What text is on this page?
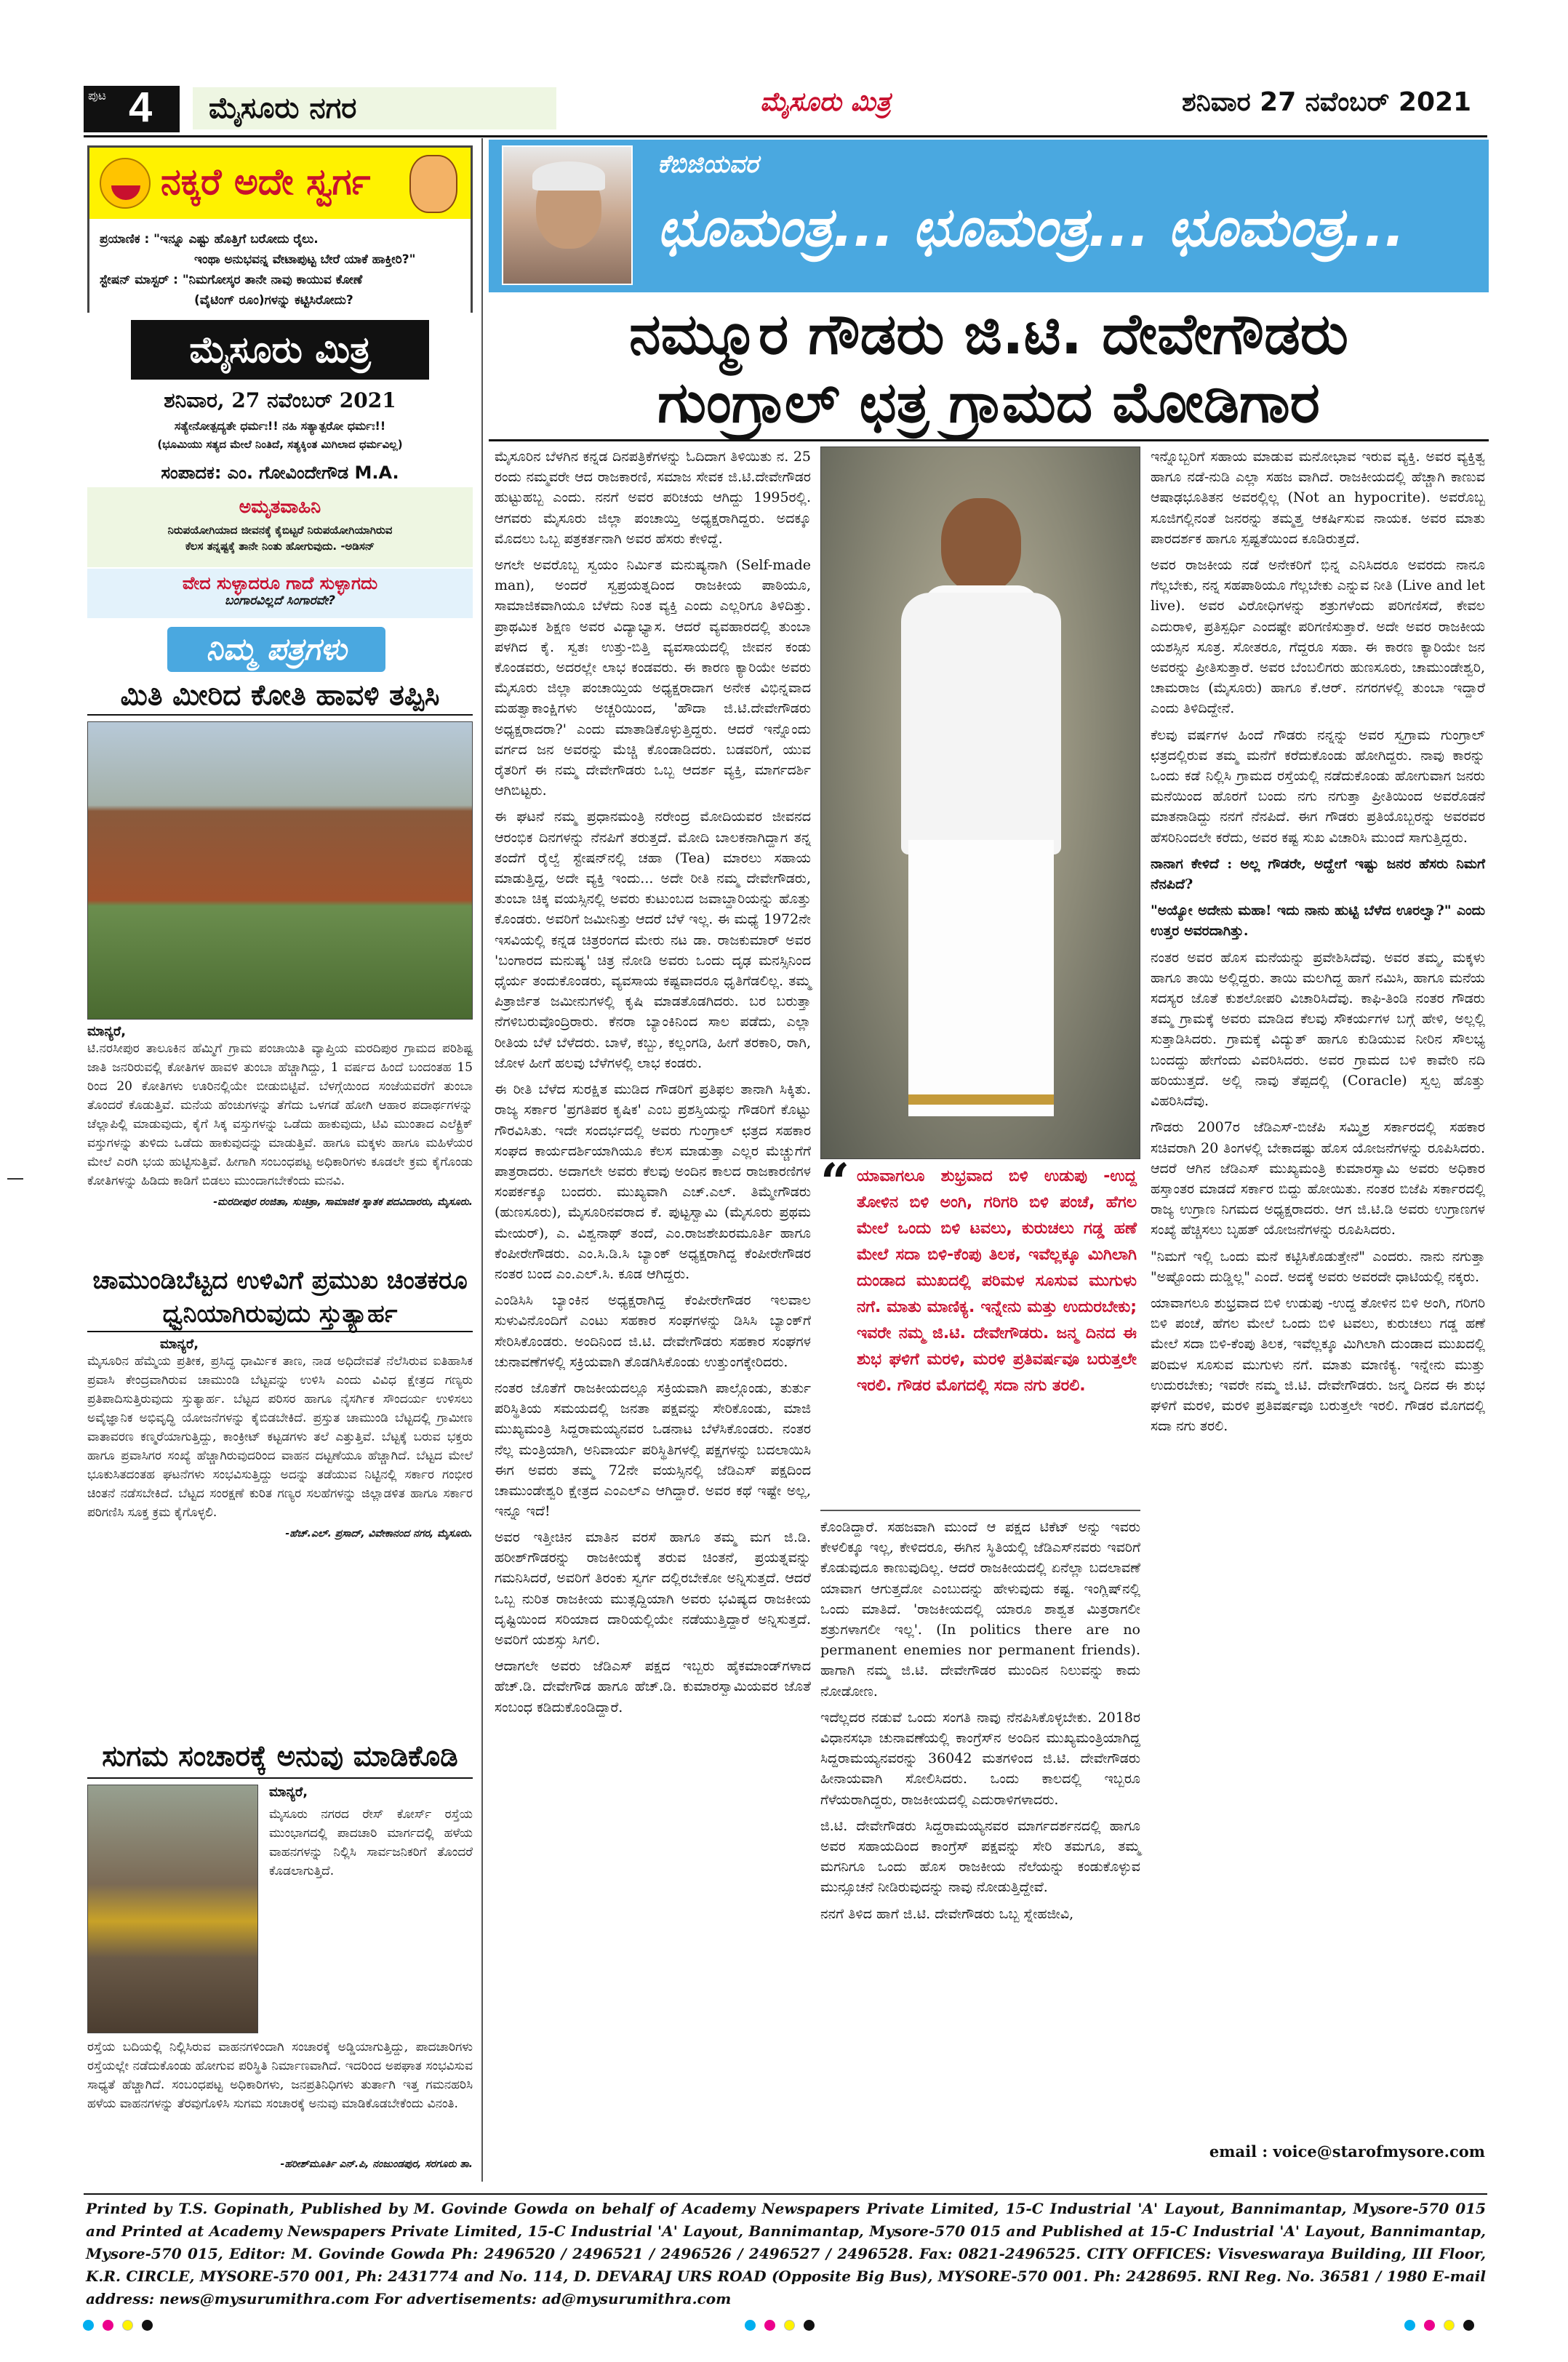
ಪುಟ 4	ಮೈಸೂರು ನಗರ	ಮೈಸೂರು ಮಿತ್ರ	ಶನಿವಾರ 27 ನವೆಂಬರ್ 2021
ನಕ್ಕರೆ ಅದೇ ಸ್ವರ್ಗ
ಪ್ರಯಾಣಿಕ : "ಇನ್ನೂ ಎಷ್ಟು ಹೊತ್ತಿಗೆ ಬರೋದು ರೈಲು.
ಇಂಥಾ ಅನುಭವನ್ನ ವೇಟಾಪುಟ್ಟ ಬೇರೆ ಯಾಕೆ ಹಾಕ್ತೀರಿ?"
ಸ್ಟೇಷನ್ ಮಾಸ್ಟರ್ : "ನಿಮಗೋಸ್ಕರ ತಾನೇ ನಾವು ಕಾಯುವ ಕೋಣೆ
(ವೈಟಿಂಗ್ ರೂಂ)ಗಳನ್ನು ಕಟ್ಟಿಸಿರೋದು?
ಮೈಸೂರು ಮಿತ್ರ
ಶನಿವಾರ, 27 ನವೆಂಬರ್ 2021
ಸತ್ಯೇನೋತ್ಪದ್ಯತೇ ಧರ್ಮಃ!! ನಹಿ ಸತ್ಯಾತ್ಪರೋ ಧರ್ಮಃ!!
(ಭೂಮಿಯು ಸತ್ಯದ ಮೇಲೆ ನಿಂತಿದೆ, ಸತ್ಯಕ್ಕಿಂತ ಮಿಗಿಲಾದ ಧರ್ಮವಿಲ್ಲ)
ಸಂಪಾದಕ: ಎಂ. ಗೋವಿಂದೇಗೌಡ M.A.
ಅಮೃತವಾಹಿನಿ
ನಿರುಪಯೋಗಿಯಾದ ಜೀವನಕ್ಕೆ ಕೈಬಿಟ್ಟರೆ ನಿರುಪಯೋಗಿಯಾಗಿರುವ
ಕೆಲಸ ತನ್ನಷ್ಟಕ್ಕೆ ತಾನೇ ನಿಂತು ಹೋಗುವುದು. -ಅಡಿಸನ್
ವೇದ ಸುಳ್ಳಾದರೂ ಗಾದೆ ಸುಳ್ಳಾಗದು
ಬಂಗಾರವಿಲ್ಲದೆ ಸಿಂಗಾರವೇ?
ನಿಮ್ಮ ಪತ್ರಗಳು
ಮಿತಿ ಮೀರಿದ ಕೋತಿ ಹಾವಳಿ ತಪ್ಪಿಸಿ
ಮಾನ್ಯರೆ,

ಟಿ.ನರಸೀಪುರ ತಾಲೂಕಿನ ಹೆಮ್ಮಿಗೆ ಗ್ರಾಮ ಪಂಚಾಯಿತಿ ವ್ಯಾಪ್ತಿಯ ಮರದಿಪುರ ಗ್ರಾಮದ ಪರಿಶಿಷ್ಟ ಜಾತಿ ಜನರಿರುವಲ್ಲಿ ಕೋತಿಗಳ ಹಾವಳಿ ತುಂಬಾ ಹೆಚ್ಚಾಗಿದ್ದು, 1 ವರ್ಷದ ಹಿಂದೆ ಬಂದಂತಹ 15 ರಿಂದ 20 ಕೋತಿಗಳು ಊರಿನಲ್ಲಿಯೇ ಬೀಡುಬಿಟ್ಟಿವೆ. ಬೆಳಗ್ಗೆಯಿಂದ ಸಂಜೆಯವರೆಗೆ ತುಂಬಾ ತೊಂದರೆ ಕೊಡುತ್ತಿವೆ. ಮನೆಯ ಹೆಂಚುಗಳನ್ನು ತೆಗೆದು ಒಳಗಡೆ ಹೋಗಿ ಆಹಾರ ಪದಾರ್ಥಗಳನ್ನು ಚೆಲ್ಲಾಪಿಲ್ಲಿ ಮಾಡುವುದು, ಕೈಗೆ ಸಿಕ್ಕ ವಸ್ತುಗಳನ್ನು ಒಡೆದು ಹಾಕುವುದು, ಟಿವಿ ಮುಂತಾದ ಎಲೆಕ್ಟ್ರಿಕ್ ವಸ್ತುಗಳನ್ನು ತುಳಿದು ಒಡೆದು ಹಾಕುವುದನ್ನು ಮಾಡುತ್ತಿವೆ. ಹಾಗೂ ಮಕ್ಕಳು ಹಾಗೂ ಮಹಿಳೆಯರ ಮೇಲೆ ಎರಗಿ ಭಯ ಹುಟ್ಟಿಸುತ್ತಿವೆ. ಹೀಗಾಗಿ ಸಂಬಂಧಪಟ್ಟ ಅಧಿಕಾರಿಗಳು ಕೂಡಲೇ ಕ್ರಮ ಕೈಗೊಂಡು ಕೋತಿಗಳನ್ನು ಹಿಡಿದು ಕಾಡಿಗೆ ಬಿಡಲು ಮುಂದಾಗಬೇಕೆಂದು ಮನವಿ.

-ಮರದೀಪುರ ರಂಜಿತಾ, ಸುಚಿತ್ರಾ, ಸಾಮಾಜಿಕ ಸ್ನಾತಕ ಪದವಿದಾರರು, ಮೈಸೂರು.
ಚಾಮುಂಡಿಬೆಟ್ಟದ ಉಳಿವಿಗೆ ಪ್ರಮುಖ ಚಿಂತಕರೂ ಧ್ವನಿಯಾಗಿರುವುದು ಸ್ತುತ್ಯಾರ್ಹ
ಮಾನ್ಯರೆ,

ಮೈಸೂರಿನ ಹೆಮ್ಮೆಯ ಪ್ರತೀಕ, ಪ್ರಸಿದ್ಧ ಧಾರ್ಮಿಕ ತಾಣ, ನಾಡ ಅಧಿದೇವತೆ ನೆಲೆಸಿರುವ ಐತಿಹಾಸಿಕ ಪ್ರವಾಸಿ ಕೇಂದ್ರವಾಗಿರುವ ಚಾಮುಂಡಿ ಬೆಟ್ಟವನ್ನು ಉಳಿಸಿ ಎಂದು ವಿವಿಧ ಕ್ಷೇತ್ರದ ಗಣ್ಯರು ಪ್ರತಿಪಾದಿಸುತ್ತಿರುವುದು ಸ್ತುತ್ಯಾರ್ಹ. ಬೆಟ್ಟದ ಪರಿಸರ ಹಾಗೂ ನೈಸರ್ಗಿಕ ಸೌಂದರ್ಯ ಉಳಿಸಲು ಅವೈಜ್ಞಾನಿಕ ಅಭಿವೃದ್ಧಿ ಯೋಜನೆಗಳನ್ನು ಕೈಬಿಡಬೇಕಿದೆ. ಪ್ರಸ್ತುತ ಚಾಮುಂಡಿ ಬೆಟ್ಟದಲ್ಲಿ ಗ್ರಾಮೀಣ ವಾತಾವರಣ ಕಣ್ಮರೆಯಾಗುತ್ತಿದ್ದು, ಕಾಂಕ್ರೀಟ್ ಕಟ್ಟಡಗಳು ತಲೆ ಎತ್ತುತ್ತಿವೆ. ಬೆಟ್ಟಕ್ಕೆ ಬರುವ ಭಕ್ತರು ಹಾಗೂ ಪ್ರವಾಸಿಗರ ಸಂಖ್ಯೆ ಹೆಚ್ಚಾಗಿರುವುದರಿಂದ ವಾಹನ ದಟ್ಟಣೆಯೂ ಹೆಚ್ಚಾಗಿದೆ. ಬೆಟ್ಟದ ಮೇಲೆ ಭೂಕುಸಿತದಂತಹ ಘಟನೆಗಳು ಸಂಭವಿಸುತ್ತಿದ್ದು ಅದನ್ನು ತಡೆಯುವ ನಿಟ್ಟಿನಲ್ಲಿ ಸರ್ಕಾರ ಗಂಭೀರ ಚಿಂತನೆ ನಡೆಸಬೇಕಿದೆ. ಬೆಟ್ಟದ ಸಂರಕ್ಷಣೆ ಕುರಿತ ಗಣ್ಯರ ಸಲಹೆಗಳನ್ನು ಜಿಲ್ಲಾಡಳಿತ ಹಾಗೂ ಸರ್ಕಾರ ಪರಿಗಣಿಸಿ ಸೂಕ್ತ ಕ್ರಮ ಕೈಗೊಳ್ಳಲಿ.

-ಹೆಚ್.ಎಲ್. ಪ್ರಸಾದ್, ವಿವೇಕಾನಂದ ನಗರ, ಮೈಸೂರು.
ಸುಗಮ ಸಂಚಾರಕ್ಕೆ ಅನುವು ಮಾಡಿಕೊಡಿ
ಮಾನ್ಯರೆ,

ಮೈಸೂರು ನಗರದ ರೇಸ್ ಕೋರ್ಸ್ ರಸ್ತೆಯ ಮುಂಭಾಗದಲ್ಲಿ ಪಾದಚಾರಿ ಮಾರ್ಗದಲ್ಲಿ ಹಳೆಯ ವಾಹನಗಳನ್ನು ನಿಲ್ಲಿಸಿ ಸಾರ್ವಜನಿಕರಿಗೆ ತೊಂದರೆ ಕೊಡಲಾಗುತ್ತಿದೆ.

ರಸ್ತೆಯ ಬದಿಯಲ್ಲಿ ನಿಲ್ಲಿಸಿರುವ ವಾಹನಗಳಿಂದಾಗಿ ಸಂಚಾರಕ್ಕೆ ಅಡ್ಡಿಯಾಗುತ್ತಿದ್ದು, ಪಾದಚಾರಿಗಳು ರಸ್ತೆಯಲ್ಲೇ ನಡೆದುಕೊಂಡು ಹೋಗುವ ಪರಿಸ್ಥಿತಿ ನಿರ್ಮಾಣವಾಗಿದೆ. ಇದರಿಂದ ಅಪಘಾತ ಸಂಭವಿಸುವ ಸಾಧ್ಯತೆ ಹೆಚ್ಚಾಗಿದೆ. ಸಂಬಂಧಪಟ್ಟ ಅಧಿಕಾರಿಗಳು, ಜನಪ್ರತಿನಿಧಿಗಳು ತುರ್ತಾಗಿ ಇತ್ತ ಗಮನಹರಿಸಿ ಹಳೆಯ ವಾಹನಗಳನ್ನು ತೆರವುಗೊಳಿಸಿ ಸುಗಮ ಸಂಚಾರಕ್ಕೆ ಅನುವು ಮಾಡಿಕೊಡಬೇಕೆಂದು ವಿನಂತಿ.

-ಹರೀಶ್‌ಮೂರ್ತಿ ಎನ್.ಪಿ, ನಂಜುಂಡಪುರ, ಸರಗೂರು ತಾ.
ಕೆಬಿಜಿಯವರ
ಛೂಮಂತ್ರ... ಛೂಮಂತ್ರ... ಛೂಮಂತ್ರ...
ನಮ್ಮೂರ ಗೌಡರು ಜಿ.ಟಿ. ದೇವೇಗೌಡರು
ಗುಂಗ್ರಾಲ್ ಛತ್ರ ಗ್ರಾಮದ ಮೋಡಿಗಾರ

ಮೈಸೂರಿನ ಬೆಳಗಿನ ಕನ್ನಡ ದಿನಪತ್ರಿಕೆಗಳನ್ನು ಓದಿದಾಗ ತಿಳಿಯಿತು ನ. 25 ರಂದು ನಮ್ಮವರೇ ಆದ ರಾಜಕಾರಣಿ, ಸಮಾಜ ಸೇವಕ ಜಿ.ಟಿ.ದೇವೇಗೌಡರ ಹುಟ್ಟುಹಬ್ಬ ಎಂದು. ನನಗೆ ಅವರ ಪರಿಚಯ ಆಗಿದ್ದು 1995ರಲ್ಲಿ. ಆಗವರು ಮೈಸೂರು ಜಿಲ್ಲಾ ಪಂಚಾಯ್ತಿ ಅಧ್ಯಕ್ಷರಾಗಿದ್ದರು. ಅದಕ್ಕೂ ಮೊದಲು ಒಬ್ಬ ಪತ್ರಕರ್ತನಾಗಿ ಅವರ ಹೆಸರು ಕೇಳಿದ್ದೆ.

ಅಗಲೇ ಅವರೊಬ್ಬ ಸ್ವಯಂ ನಿರ್ಮಿತ ಮನುಷ್ಯನಾಗಿ (Self-made man), ಅಂದರೆ ಸ್ವಪ್ರಯತ್ನದಿಂದ ರಾಜಕೀಯ ಪಾಠಿಯೂ, ಸಾಮಾಜಿಕವಾಗಿಯೂ ಬೆಳೆದು ನಿಂತ ವ್ಯಕ್ತಿ ಎಂದು ಎಲ್ಲರಿಗೂ ತಿಳಿದಿತ್ತು. ಪ್ರಾಥಮಿಕ ಶಿಕ್ಷಣ ಅವರ ವಿದ್ಯಾಭ್ಯಾಸ. ಆದರೆ ವ್ಯವಹಾರದಲ್ಲಿ ತುಂಬಾ ಪಳಗಿದ ಕೈ. ಸ್ವತಃ ಉತ್ತು-ಬಿತ್ತಿ ವ್ಯವಸಾಯದಲ್ಲಿ ಜೀವನ ಕಂಡು ಕೊಂಡವರು, ಅದರಲ್ಲೇ ಲಾಭ ಕಂಡವರು. ಈ ಕಾರಣ ಕ್ಯಾರಿಯೇ ಅವರು ಮೈಸೂರು ಜಿಲ್ಲಾ ಪಂಚಾಯ್ತಿಯ ಅಧ್ಯಕ್ಷರಾದಾಗ ಅನೇಕ ವಿಭಿನ್ನವಾದ ಮಹತ್ವಾಕಾಂಕ್ಷಿಗಳು ಅಚ್ಚರಿಯಿಂದ, 'ಹೌದಾ ಜಿ.ಟಿ.ದೇವೇಗೌಡರು ಅಧ್ಯಕ್ಷರಾದರಾ?' ಎಂದು ಮಾತಾಡಿಕೊಳ್ಳುತ್ತಿದ್ದರು. ಆದರೆ ಇನ್ನೊಂದು ವರ್ಗದ ಜನ ಅವರನ್ನು ಮೆಚ್ಚಿ ಕೊಂಡಾಡಿದರು. ಬಡವರಿಗೆ, ಯುವ ರೈತರಿಗೆ ಈ ನಮ್ಮ ದೇವೇಗೌಡರು ಒಬ್ಬ ಆದರ್ಶ ವ್ಯಕ್ತಿ, ಮಾರ್ಗದರ್ಶಿ ಆಗಿಬಿಟ್ಟರು.

ಈ ಘಟನೆ ನಮ್ಮ ಪ್ರಧಾನಮಂತ್ರಿ ನರೇಂದ್ರ ಮೋದಿಯವರ ಜೀವನದ ಆರಂಭಿಕ ದಿನಗಳನ್ನು ನೆನಪಿಗೆ ತರುತ್ತದೆ. ಮೋದಿ ಬಾಲಕನಾಗಿದ್ದಾಗ ತನ್ನ ತಂದೆಗೆ ರೈಲ್ವೆ ಸ್ಟೇಷನ್‌ನಲ್ಲಿ ಚಹಾ (Tea) ಮಾರಲು ಸಹಾಯ ಮಾಡುತ್ತಿದ್ದ, ಅದೇ ವ್ಯಕ್ತಿ ಇಂದು... ಅದೇ ರೀತಿ ನಮ್ಮ ದೇವೇಗೌಡರು, ತುಂಬಾ ಚಿಕ್ಕ ವಯಸ್ಸಿನಲ್ಲಿ ಅವರು ಕುಟುಂಬದ ಜವಾಬ್ದಾರಿಯನ್ನು ಹೊತ್ತು ಕೊಂಡರು. ಅವರಿಗೆ ಜಮೀನಿತ್ತು ಆದರೆ ಬೆಳೆ ಇಲ್ಲ. ಈ ಮಧ್ಯೆ 1972ನೇ ಇಸವಿಯಲ್ಲಿ ಕನ್ನಡ ಚಿತ್ರರಂಗದ ಮೇರು ನಟ ಡಾ. ರಾಜಕುಮಾರ್ ಅವರ 'ಬಂಗಾರದ ಮನುಷ್ಯ' ಚಿತ್ರ ನೋಡಿ ಅವರು ಒಂದು ದೃಢ ಮನಸ್ಸಿನಿಂದ ಧೈರ್ಯ ತಂದುಕೊಂಡರು, ವ್ಯವಸಾಯ ಕಷ್ಟವಾದರೂ ಧೃತಿಗೆಡಲಿಲ್ಲ. ತಮ್ಮ ಪಿತ್ರಾರ್ಜಿತ ಜಮೀನುಗಳಲ್ಲಿ ಕೃಷಿ ಮಾಡತೊಡಗಿದರು. ಬರ ಬರುತ್ತಾ ನೆಗಳಿಬರುವೊಂದ್ರಿರಾರು. ಕೆನರಾ ಬ್ಯಾಂಕಿನಿಂದ ಸಾಲ ಪಡೆದು, ಎಲ್ಲಾ ರೀತಿಯ ಬೆಳೆ ಬೆಳೆದರು. ಬಾಳೆ, ಕಬ್ಬು, ಕಲ್ಲಂಗಡಿ, ಹೀಗೆ ತರಕಾರಿ, ರಾಗಿ, ಜೋಳ ಹೀಗೆ ಹಲವು ಬೆಳೆಗಳಲ್ಲಿ ಲಾಭ ಕಂಡರು.

ಈ ರೀತಿ ಬೆಳೆದ ಸುರಕ್ಷಿತ ಮುಡಿದ ಗೌಡರಿಗೆ ಪ್ರತಿಫಲ ತಾನಾಗಿ ಸಿಕ್ಕಿತು. ರಾಜ್ಯ ಸರ್ಕಾರ 'ಪ್ರಗತಿಪರ ಕೃಷಿಕ' ಎಂಬ ಪ್ರಶಸ್ತಿಯನ್ನು ಗೌಡರಿಗೆ ಕೊಟ್ಟು ಗೌರವಿಸಿತು. ಇದೇ ಸಂದರ್ಭದಲ್ಲಿ ಅವರು ಗುಂಗ್ರಾಲ್ ಛತ್ರದ ಸಹಕಾರ ಸಂಘದ ಕಾರ್ಯದರ್ಶಿಯಾಗಿಯೂ ಕೆಲಸ ಮಾಡುತ್ತಾ ಎಲ್ಲರ ಮೆಚ್ಚುಗೆಗೆ ಪಾತ್ರರಾದರು. ಅದಾಗಲೇ ಅವರು ಕೆಲವು ಅಂದಿನ ಕಾಲದ ರಾಜಕಾರಣಿಗಳ ಸಂಪರ್ಕಕ್ಕೂ ಬಂದರು. ಮುಖ್ಯವಾಗಿ ಎಚ್.ಎಲ್. ತಿಮ್ಮೇಗೌಡರು (ಹುಣಸೂರು), ಮೈಸೂರಿನವರಾದ ಕೆ. ಪುಟ್ಟಸ್ವಾಮಿ (ಮೈಸೂರು ಪ್ರಥಮ ಮೇಯರ್), ಎ. ವಿಶ್ವನಾಥ್ ತಂದೆ, ಎಂ.ರಾಜಶೇಖರಮೂರ್ತಿ ಹಾಗೂ ಕೆಂಪೀರೇಗೌಡರು. ಎಂ.ಸಿ.ಡಿ.ಸಿ ಬ್ಯಾಂಕ್ ಅಧ್ಯಕ್ಷರಾಗಿದ್ದ ಕೆಂಪೀರೇಗೌಡರ ನಂತರ ಬಂದ ಎಂ.ಎಲ್.ಸಿ. ಕೂಡ ಆಗಿದ್ದರು.

ಎಂಡಿಸಿಸಿ ಬ್ಯಾಂಕಿನ ಅಧ್ಯಕ್ಷರಾಗಿದ್ದ ಕೆಂಪೀರೇಗೌಡರ ಇಲವಾಲ ಸುಳುವಿನೊಂದಿಗೆ ಎಂಟು ಸಹಕಾರ ಸಂಘಗಳನ್ನು ಡಿಸಿಸಿ ಬ್ಯಾಂಕ್‌ಗೆ ಸೇರಿಸಿಕೊಂಡರು. ಅಂದಿನಿಂದ ಜಿ.ಟಿ. ದೇವೇಗೌಡರು ಸಹಕಾರ ಸಂಘಗಳ ಚುನಾವಣೆಗಳಲ್ಲಿ ಸಕ್ರಿಯವಾಗಿ ತೊಡಗಿಸಿಕೊಂಡು ಉತ್ತುಂಗಕ್ಕೇರಿದರು.

ನಂತರ ಜೊತೆಗೆ ರಾಜಕೀಯದಲ್ಲೂ ಸಕ್ರಿಯವಾಗಿ ಪಾಲ್ಗೊಂಡು, ತುರ್ತು ಪರಿಸ್ಥಿತಿಯ ಸಮಯದಲ್ಲಿ ಜನತಾ ಪಕ್ಷವನ್ನು ಸೇರಿಕೊಂಡು, ಮಾಜಿ ಮುಖ್ಯಮಂತ್ರಿ ಸಿದ್ದರಾಮಯ್ಯನವರ ಒಡನಾಟ ಬೆಳೆಸಿಕೊಂಡರು. ನಂತರ ನೆಲ್ಲ ಮಂತ್ರಿಯಾಗಿ, ಅನಿವಾರ್ಯ ಪರಿಸ್ಥಿತಿಗಳಲ್ಲಿ ಪಕ್ಷಗಳನ್ನು ಬದಲಾಯಿಸಿ ಈಗ ಅವರು ತಮ್ಮ 72ನೇ ವಯಸ್ಸಿನಲ್ಲಿ ಜೆಡಿಎಸ್ ಪಕ್ಷದಿಂದ ಚಾಮುಂಡೇಶ್ವರಿ ಕ್ಷೇತ್ರದ ಎಂಎಲ್‌ಎ ಆಗಿದ್ದಾರೆ. ಅವರ ಕಥೆ ಇಷ್ಟೇ ಅಲ್ಲ, ಇನ್ನೂ ಇದೆ!

ಅವರ ಇತ್ತೀಚಿನ ಮಾತಿನ ವರಸೆ ಹಾಗೂ ತಮ್ಮ ಮಗ ಜಿ.ಡಿ. ಹರೀಶ್‌ಗೌಡರನ್ನು ರಾಜಕೀಯಕ್ಕೆ ತರುವ ಚಿಂತನೆ, ಪ್ರಯತ್ನವನ್ನು ಗಮನಿಸಿದರೆ, ಅವರಿಗೆ ತಿರಂಕು ಸ್ವರ್ಗ ದಲ್ಲಿರಬೇಕೋ ಅನ್ನಿಸುತ್ತದೆ. ಆದರೆ ಒಬ್ಬ ನುರಿತ ರಾಜಕೀಯ ಮುತ್ಸದ್ದಿಯಾಗಿ ಅವರು ಭವಿಷ್ಯದ ರಾಜಕೀಯ ದೃಷ್ಟಿಯಿಂದ ಸರಿಯಾದ ದಾರಿಯಲ್ಲಿಯೇ ನಡೆಯುತ್ತಿದ್ದಾರೆ ಅನ್ನಿಸುತ್ತದೆ. ಅವರಿಗೆ ಯಶಸ್ಸು ಸಿಗಲಿ.

ಆದಾಗಲೇ ಅವರು ಜೆಡಿಎಸ್ ಪಕ್ಷದ ಇಬ್ಬರು ಹೈಕಮಾಂಡ್‌ಗಳಾದ ಹೆಚ್.ಡಿ. ದೇವೇಗೌಡ ಹಾಗೂ ಹೆಚ್.ಡಿ. ಕುಮಾರಸ್ವಾಮಿಯವರ ಜೊತೆ ಸಂಬಂಧ ಕಡಿದುಕೊಂಡಿದ್ದಾರೆ.

“ ಯಾವಾಗಲೂ ಶುಭ್ರವಾದ ಬಿಳಿ ಉಡುಪು -ಉದ್ದ ತೋಳಿನ ಬಿಳಿ ಅಂಗಿ, ಗರಿಗರಿ ಬಿಳಿ ಪಂಚೆ, ಹೆಗಲ ಮೇಲೆ ಒಂದು ಬಿಳಿ ಟವಲು, ಕುರುಚಲು ಗಡ್ಡ ಹಣೆ ಮೇಲೆ ಸದಾ ಬಿಳಿ-ಕೆಂಪು ತಿಲಕ, ಇವೆಲ್ಲಕ್ಕೂ ಮಿಗಿಲಾಗಿ ದುಂಡಾದ ಮುಖದಲ್ಲಿ ಪರಿಮಳ ಸೂಸುವ ಮುಗುಳು ನಗೆ. ಮಾತು ಮಾಣಿಕ್ಯ. ಇನ್ನೇನು ಮತ್ತು ಉದುರಬೇಕು; ಇವರೇ ನಮ್ಮ ಜಿ.ಟಿ. ದೇವೇಗೌಡರು. ಜನ್ಮ ದಿನದ ಈ ಶುಭ ಘಳಿಗೆ ಮರಳಿ, ಮರಳಿ ಪ್ರತಿವರ್ಷವೂ ಬರುತ್ತಲೇ ಇರಲಿ. ಗೌಡರ ಮೊಗದಲ್ಲಿ ಸದಾ ನಗು ತರಲಿ.

ಕೊಂಡಿದ್ದಾರೆ. ಸಹಜವಾಗಿ ಮುಂದೆ ಆ ಪಕ್ಷದ ಟಿಕೆಟ್ ಅನ್ನು ಇವರು ಕೇಳಲಿಕ್ಕೂ ಇಲ್ಲ, ಕೇಳಿದರೂ, ಈಗಿನ ಸ್ಥಿತಿಯಲ್ಲಿ ಜೆಡಿಎಸ್‌ನವರು ಇವರಿಗೆ ಕೊಡುವುದೂ ಕಾಣುವುದಿಲ್ಲ. ಆದರೆ ರಾಜಕೀಯದಲ್ಲಿ ಏನೆಲ್ಲಾ ಬದಲಾವಣೆ ಯಾವಾಗ ಆಗುತ್ತದೋ ಎಂಬುದನ್ನು ಹೇಳುವುದು ಕಷ್ಟ. ಇಂಗ್ಲಿಷ್‌ನಲ್ಲಿ ಒಂದು ಮಾತಿದೆ. 'ರಾಜಕೀಯದಲ್ಲಿ ಯಾರೂ ಶಾಶ್ವತ ಮಿತ್ರರಾಗಲೀ ಶತ್ರುಗಳಾಗಲೀ ಇಲ್ಲ'. (In politics there are no permanent enemies nor permanent friends). ಹಾಗಾಗಿ ನಮ್ಮ ಜಿ.ಟಿ. ದೇವೇಗೌಡರ ಮುಂದಿನ ನಿಲುವನ್ನು ಕಾದು ನೋಡೋಣ.

ಇದೆಲ್ಲದರ ನಡುವೆ ಒಂದು ಸಂಗತಿ ನಾವು ನೆನಪಿಸಿಕೊಳ್ಳಬೇಕು. 2018ರ ವಿಧಾನಸಭಾ ಚುನಾವಣೆಯಲ್ಲಿ ಕಾಂಗ್ರೆಸ್‌ನ ಅಂದಿನ ಮುಖ್ಯಮಂತ್ರಿಯಾಗಿದ್ದ ಸಿದ್ದರಾಮಯ್ಯನವರನ್ನು 36042 ಮತಗಳಿಂದ ಜಿ.ಟಿ. ದೇವೇಗೌಡರು ಹೀನಾಯವಾಗಿ ಸೋಲಿಸಿದರು. ಒಂದು ಕಾಲದಲ್ಲಿ ಇಬ್ಬರೂ ಗೆಳೆಯರಾಗಿದ್ದರು, ರಾಜಕೀಯದಲ್ಲಿ ಎದುರಾಳಿಗಳಾದರು.

ಜಿ.ಟಿ. ದೇವೇಗೌಡರು ಸಿದ್ದರಾಮಯ್ಯನವರ ಮಾರ್ಗದರ್ಶನದಲ್ಲಿ ಹಾಗೂ ಅವರ ಸಹಾಯದಿಂದ ಕಾಂಗ್ರೆಸ್ ಪಕ್ಷವನ್ನು ಸೇರಿ ತಮಗೂ, ತಮ್ಮ ಮಗನಿಗೂ ಒಂದು ಹೊಸ ರಾಜಕೀಯ ನೆಲೆಯನ್ನು ಕಂಡುಕೊಳ್ಳುವ ಮುನ್ಸೂಚನೆ ನೀಡಿರುವುದನ್ನು ನಾವು ನೋಡುತ್ತಿದ್ದೇವೆ.

ನನಗೆ ತಿಳಿದ ಹಾಗೆ ಜಿ.ಟಿ. ದೇವೇಗೌಡರು ಒಬ್ಬ ಸ್ನೇಹಜೀವಿ,

ಇನ್ನೊಬ್ಬರಿಗೆ ಸಹಾಯ ಮಾಡುವ ಮನೋಭಾವ ಇರುವ ವ್ಯಕ್ತಿ. ಅವರ ವ್ಯಕ್ತಿತ್ವ ಹಾಗೂ ನಡೆ-ನುಡಿ ಎಲ್ಲಾ ಸಹಜ ವಾಗಿದೆ. ರಾಜಕೀಯದಲ್ಲಿ ಹೆಚ್ಚಾಗಿ ಕಾಣುವ ಆಷಾಢಭೂತಿತನ ಅವರಲ್ಲಿಲ್ಲ (Not an hypocrite). ಅವರೊಬ್ಬ ಸೂಜಿಗಲ್ಲಿನಂತೆ ಜನರನ್ನು ತಮ್ಮತ್ತ ಆಕರ್ಷಿಸುವ ನಾಯಕ. ಅವರ ಮಾತು ಪಾರದರ್ಶಕ ಹಾಗೂ ಸ್ಪಷ್ಟತೆಯಿಂದ ಕೂಡಿರುತ್ತದೆ.

ಅವರ ರಾಜಕೀಯ ನಡೆ ಅನೇಕರಿಗೆ ಭಿನ್ನ ಎನಿಸಿದರೂ ಅವರದು ನಾನೂ ಗೆಲ್ಲಬೇಕು, ನನ್ನ ಸಹಪಾಠಿಯೂ ಗೆಲ್ಲಬೇಕು ಎನ್ನುವ ನೀತಿ (Live and let live). ಅವರ ವಿರೋಧಿಗಳನ್ನು ಶತ್ರುಗಳೆಂದು ಪರಿಗಣಿಸದೆ, ಕೇವಲ ಎದುರಾಳಿ, ಪ್ರತಿಸ್ಪರ್ಧಿ ಎಂದಷ್ಟೇ ಪರಿಗಣಿಸುತ್ತಾರೆ. ಅದೇ ಅವರ ರಾಜಕೀಯ ಯಶಸ್ಸಿನ ಸೂತ್ರ. ಸೋತರೂ, ಗೆದ್ದರೂ ಸಹಾ. ಈ ಕಾರಣ ಕ್ಯಾರಿಯೇ ಜನ ಅವರನ್ನು ಪ್ರೀತಿಸುತ್ತಾರೆ. ಅವರ ಬೆಂಬಲಿಗರು ಹುಣಸೂರು, ಚಾಮುಂಡೇಶ್ವರಿ, ಚಾಮರಾಜ (ಮೈಸೂರು) ಹಾಗೂ ಕೆ.ಆರ್. ನಗರಗಳಲ್ಲಿ ತುಂಬಾ ಇದ್ದಾರೆ ಎಂದು ತಿಳಿದಿದ್ದೇನೆ.

ಕೆಲವು ವರ್ಷಗಳ ಹಿಂದೆ ಗೌಡರು ನನ್ನನ್ನು ಅವರ ಸ್ವಗ್ರಾಮ ಗುಂಗ್ರಾಲ್ ಛತ್ರದಲ್ಲಿರುವ ತಮ್ಮ ಮನೆಗೆ ಕರೆದುಕೊಂಡು ಹೋಗಿದ್ದರು. ನಾವು ಕಾರನ್ನು ಒಂದು ಕಡೆ ನಿಲ್ಲಿಸಿ ಗ್ರಾಮದ ರಸ್ತೆಯಲ್ಲಿ ನಡೆದುಕೊಂಡು ಹೋಗುವಾಗ ಜನರು ಮನೆಯಿಂದ ಹೊರಗೆ ಬಂದು ನಗು ನಗುತ್ತಾ ಪ್ರೀತಿಯಿಂದ ಅವರೊಡನೆ ಮಾತನಾಡಿದ್ದು ನನಗೆ ನೆನಪಿದೆ. ಈಗ ಗೌಡರು ಪ್ರತಿಯೊಬ್ಬರನ್ನು ಅವರವರ ಹೆಸರಿನಿಂದಲೇ ಕರೆದು, ಅವರ ಕಷ್ಟ ಸುಖ ವಿಚಾರಿಸಿ ಮುಂದೆ ಸಾಗುತ್ತಿದ್ದರು.

ನಾನಾಗ ಕೇಳಿದೆ : ಅಲ್ಲ ಗೌಡರೇ, ಅದ್ಹೇಗೆ ಇಷ್ಟು ಜನರ ಹೆಸರು ನಿಮಗೆ ನೆನಪಿದೆ?

"ಅಯ್ಯೋ ಅದೇನು ಮಹಾ! ಇದು ನಾನು ಹುಟ್ಟಿ ಬೆಳೆದ ಊರಲ್ವಾ?" ಎಂದು ಉತ್ತರ ಅವರದಾಗಿತ್ತು.

ನಂತರ ಅವರ ಹೊಸ ಮನೆಯನ್ನು ಪ್ರವೇಶಿಸಿದೆವು. ಅವರ ತಮ್ಮ, ಮಕ್ಕಳು ಹಾಗೂ ತಾಯಿ ಅಲ್ಲಿದ್ದರು. ತಾಯಿ ಮಲಗಿದ್ದ ಹಾಗೆ ನಮಿಸಿ, ಹಾಗೂ ಮನೆಯ ಸದಸ್ಯರ ಜೊತೆ ಕುಶಲೋಪರಿ ವಿಚಾರಿಸಿದೆವು. ಕಾಫಿ-ತಿಂಡಿ ನಂತರ ಗೌಡರು ತಮ್ಮ ಗ್ರಾಮಕ್ಕೆ ಅವರು ಮಾಡಿದ ಕೆಲವು ಸೌಕರ್ಯಗಳ ಬಗ್ಗೆ ಹೇಳಿ, ಅಲ್ಲಲ್ಲಿ ಸುತ್ತಾಡಿಸಿದರು. ಗ್ರಾಮಕ್ಕೆ ವಿದ್ಯುತ್ ಹಾಗೂ ಕುಡಿಯುವ ನೀರಿನ ಸೌಲಭ್ಯ ಬಂದದ್ದು ಹೇಗೆಂದು ವಿವರಿಸಿದರು. ಅವರ ಗ್ರಾಮದ ಬಳಿ ಕಾವೇರಿ ನದಿ ಹರಿಯುತ್ತದೆ. ಅಲ್ಲಿ ನಾವು ತೆಪ್ಪದಲ್ಲಿ (Coracle) ಸ್ವಲ್ಪ ಹೊತ್ತು ವಿಹರಿಸಿದೆವು.

ಗೌಡರು 2007ರ ಜೆಡಿಎಸ್-ಬಿಜೆಪಿ ಸಮ್ಮಿಶ್ರ ಸರ್ಕಾರದಲ್ಲಿ ಸಹಕಾರ ಸಚಿವರಾಗಿ 20 ತಿಂಗಳಲ್ಲಿ ಬೇಕಾದಷ್ಟು ಹೊಸ ಯೋಜನೆಗಳನ್ನು ರೂಪಿಸಿದರು. ಆದರೆ ಆಗಿನ ಜೆಡಿಎಸ್ ಮುಖ್ಯಮಂತ್ರಿ ಕುಮಾರಸ್ವಾಮಿ ಅವರು ಅಧಿಕಾರ ಹಸ್ತಾಂತರ ಮಾಡದೆ ಸರ್ಕಾರ ಬಿದ್ದು ಹೋಯಿತು. ನಂತರ ಬಿಜೆಪಿ ಸರ್ಕಾರದಲ್ಲಿ ರಾಜ್ಯ ಉಗ್ರಾಣ ನಿಗಮದ ಅಧ್ಯಕ್ಷರಾದರು. ಆಗ ಜಿ.ಟಿ.ಡಿ ಅವರು ಉಗ್ರಾಣಗಳ ಸಂಖ್ಯೆ ಹೆಚ್ಚಿಸಲು ಬೃಹತ್ ಯೋಜನೆಗಳನ್ನು ರೂಪಿಸಿದರು.

"ನಿಮಗೆ ಇಲ್ಲಿ ಒಂದು ಮನೆ ಕಟ್ಟಿಸಿಕೊಡುತ್ತೇನೆ" ಎಂದರು. ನಾನು ನಗುತ್ತಾ "ಅಷ್ಟೊಂದು ದುಡ್ಡಿಲ್ಲ" ಎಂದೆ. ಅದಕ್ಕೆ ಅವರು ಅವರದೇ ಧಾಟಿಯಲ್ಲಿ ನಕ್ಕರು.

ಯಾವಾಗಲೂ ಶುಭ್ರವಾದ ಬಿಳಿ ಉಡುಪು -ಉದ್ದ ತೋಳಿನ ಬಿಳಿ ಅಂಗಿ, ಗರಿಗರಿ ಬಿಳಿ ಪಂಚೆ, ಹೆಗಲ ಮೇಲೆ ಒಂದು ಬಿಳಿ ಟವಲು, ಕುರುಚಲು ಗಡ್ಡ ಹಣೆ ಮೇಲೆ ಸದಾ ಬಿಳಿ-ಕೆಂಪು ತಿಲಕ, ಇವೆಲ್ಲಕ್ಕೂ ಮಿಗಿಲಾಗಿ ದುಂಡಾದ ಮುಖದಲ್ಲಿ ಪರಿಮಳ ಸೂಸುವ ಮುಗುಳು ನಗೆ. ಮಾತು ಮಾಣಿಕ್ಯ. ಇನ್ನೇನು ಮುತ್ತು ಉದುರಬೇಕು; ಇವರೇ ನಮ್ಮ ಜಿ.ಟಿ. ದೇವೇಗೌಡರು. ಜನ್ಮ ದಿನದ ಈ ಶುಭ ಘಳಿಗೆ ಮರಳಿ, ಮರಳಿ ಪ್ರತಿವರ್ಷವೂ ಬರುತ್ತಲೇ ಇರಲಿ. ಗೌಡರ ಮೊಗದಲ್ಲಿ ಸದಾ ನಗು ತರಲಿ.

email : voice@starofmysore.com
Printed by T.S. Gopinath, Published by M. Govinde Gowda on behalf of Academy Newspapers Private Limited, 15-C Industrial 'A' Layout, Bannimantap, Mysore-570 015 and Printed at Academy Newspapers Private Limited, 15-C Industrial 'A' Layout, Bannimantap, Mysore-570 015 and Published at 15-C Industrial 'A' Layout, Bannimantap, Mysore-570 015, Editor: M. Govinde Gowda Ph: 2496520 / 2496521 / 2496526 / 2496527 / 2496528. Fax: 0821-2496525. CITY OFFICES: Visveswaraya Building, III Floor, K.R. CIRCLE, MYSORE-570 001, Ph: 2431774 and No. 114, D. DEVARAJ URS ROAD (Opposite Big Bus), MYSORE-570 001. Ph: 2428695. RNI Reg. No. 36581 / 1980 E-mail address: news@mysurumithra.com For advertisements: ad@mysurumithra.com
